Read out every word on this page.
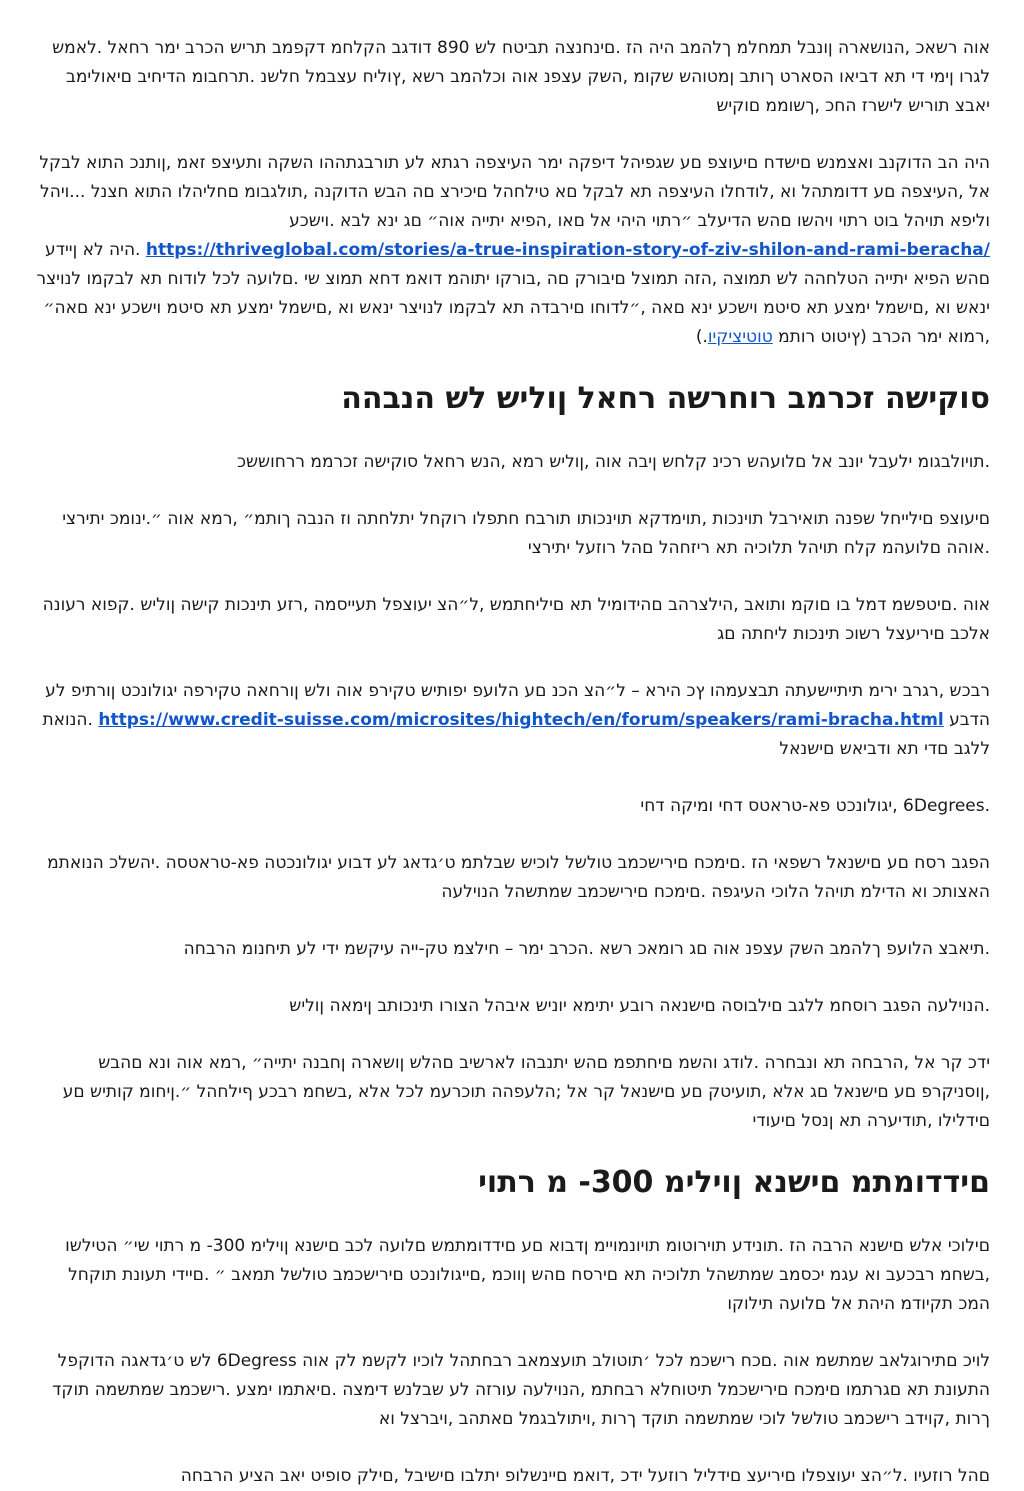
אוה רשאכ ,הנושארה ןונבל תמחלמ ךלהמב היה הז .םינחנצה תביטח לש 890 דודגב הקלחמ דקפמב תריש הכרב ימר רחאל .לאמש לגרו ןימי די תא דביאו הסארט ךותב ןמטוהש שקומ ,השק עצפנ אוה וכלהמב רשא ,ץוליח עצבמל חלשנ .תרחבומ הדיחיב םיאולימב יאבצ תוריש לישרז החכ ,ךשוממ םוקיש

היה הב הדוקנב ואצמנש םישדח םיעוצפ םע שגפיהל דיפקה ימר העיצפה רגתא לע תורבגתההו השקה ותעיצפ זאמ ,ןותנכ התוא לבקל אל ,העיצפה םע דדומתהל וא ,לודחלו העיצפה תא לבקל םא טילחהל םיכירצ םה הבש הדוקנה ,תולגבומ םחליהלו התוא חצנל ...ויהל וליפא תויהל בוט רתוי ויהשו םהש הדיעלב ״רתוי היהי אל םאו ,הפיא יתייה אוה״ םג ינא לבא .וישכע https://thriveglobal.com/stories/a-true-inspiration-story-of-ziv-shilon-and-rami-beracha/ .היה לא ןיידע םהש הפיא יתייה הטלחהה לש תמוצה ,הזה תמוצל םיבורק םה ,בורקו יתוהמ דואמ דחא תמוצ שי .םלועה לכל לודוח תא לבקמו לנויצר ינאש וא ,םישמל ימצע תא סיטמ וישכע ינא םאה ,״לדוחו םירבדה תא לבקמו לנויצר ינאש וא ,םישמל ימצע תא סיטמ וישכע ינא םאה״ ,רמוא ימר הכרב (ץיטוט רותמ טוטיציקיו.)

סוקישה זכרמב רוחרשה רחאל ןוליש לש הנבהה

.תויולבגומ ילעבל יונב אל םלועהש רכינ קלחש ןיבה אוה ,ןוליש רמא ,הנש רחאל סוקישה זכרממ ררחוששכ

םיעוצפ םילייחל שפנה תואירבל תוינכות ,תוימדקא תוינכותו תורבח חתפלו רוקחל יתלחתה וז הנבה ךותמ״ ,רמא אוה ״.ינומכ יתירצי .אוהה םלועהמ קלח תויהל תלוכיה תא ריזחהל םהל רוזעל יתירצי

אוה .םיטפשמ דמל בו םוקמ ותואב ,הילצרהב םהידומיל תא םיליחתמש ,ל״הצ יעוצפל תעייסמה ,רזע תינכות קישה ןוליש .קפוא רעונה אלכב םיריעצל רשוכ תינכות ליחתה םג

רבכש ,רגרב ירימ תיתיישעתה תבצעמהו ץכ הירא – ל״הצ הכנ םע הלועפ יפותיש טקירפ אוה ולש ןורחאה טקירפה יגולונכט ןורתיפ לע הדבע https://www.credit-suisse.com/microsites/hightech/en/forum/speakers/rami-bracha.html .הנואת ללגב םדי תא ודביאש םישנאל

.6Degrees ,יגולונכט פא-טראטס דחי ומיקה דחי

הפגב רסח םע םישנאל רשפאי הז .םימכח םירישכמב טולשל לוכיש שבלתמ ט׳גדאג לע דבוע יגולונכטה פא-טראטסה .יהשלכ הנואתמ האצותכ וא הדילמ תויהל הלוכי העיגפה .םימכח םירישכמב שמתשהל הנוילעה

.תיאבצ הלועפ ךלהמב השק עצפנ אוה םג רומאכ רשא .הכרב ימר – חילצמ טק-ייה עיקשמ ידי לע תיחנומ הרבחה

.הנוילעה הפגב רוסחמ ללגב םילבוסה םישנאה רובע יתימא יוניש איבהל הצורו תינכותב ןימאה ןוליש

ידכ קר אל ,הרבחה תא ונבחרה .לודג והשמ םיחתפמ םהש יתנבהו לארשיב םהלש ןושארה ןחבנה יתייה״ ,רמא אוה ונא םהבש ,ןוסניקרפ םע םישנאל םג אלא ,תועיטק םע םישנאל קר אל ;הלעפהה תוכרעמ לכל אלא ,בשחמ רבכע ףילחהל ״.ןיחומ קותיש םע םידלילו ,תודיערה תא ןנסל םיעודי

םידדומתמ םישנא ןוילימ 300- מ רתוי

םילוכי אלש םישנא הרבה הז .תונידע תוירוטומ תויונמויימ ןדבוא םע םידדומתמש םלועה לכב םישנא ןוילימ 300- מ רתוי שי״ הטילשו ,בשחמ רבכעב וא עגמ יכסמב שמתשהל תלוכיה תא םירסח םהש ןווכמ ,םייגולונכט םירישכמב טולשל תמאב ״ .םיידי תעונת תוקחל המכ תקיודמ היהת אל םלועה תילוקו

לויכ םתירוגלאב שמתשמ אוה .םכח רישכמ לכל ׳תוטולב תועצמאב רבחתהל לוכיו לקשמ לק אוה 6Degress לש ט׳גדאגה הדוקפל התעונת תא םגרתמו םימכח םירישכמל תיטוחלא רבחתמ ,הנוילעה עורזה לע שבלנש דימצה .םיאתמו ימצע .רישכמב שמתשמה תוקד ךרות ,קוידב רישכמב טולשל לוכי שמתשמה תוקד ךרות ,ויתולבגמל םאתהב ,ויברצל וא

םהל רוזעיו .ל״הצ יעוצפלו םיריעצ םידליל רוזעל ידכ ,דואמ םיינשלופ יתלבו םישיבל ,םילק סופיט יאב הציע הרבחה
